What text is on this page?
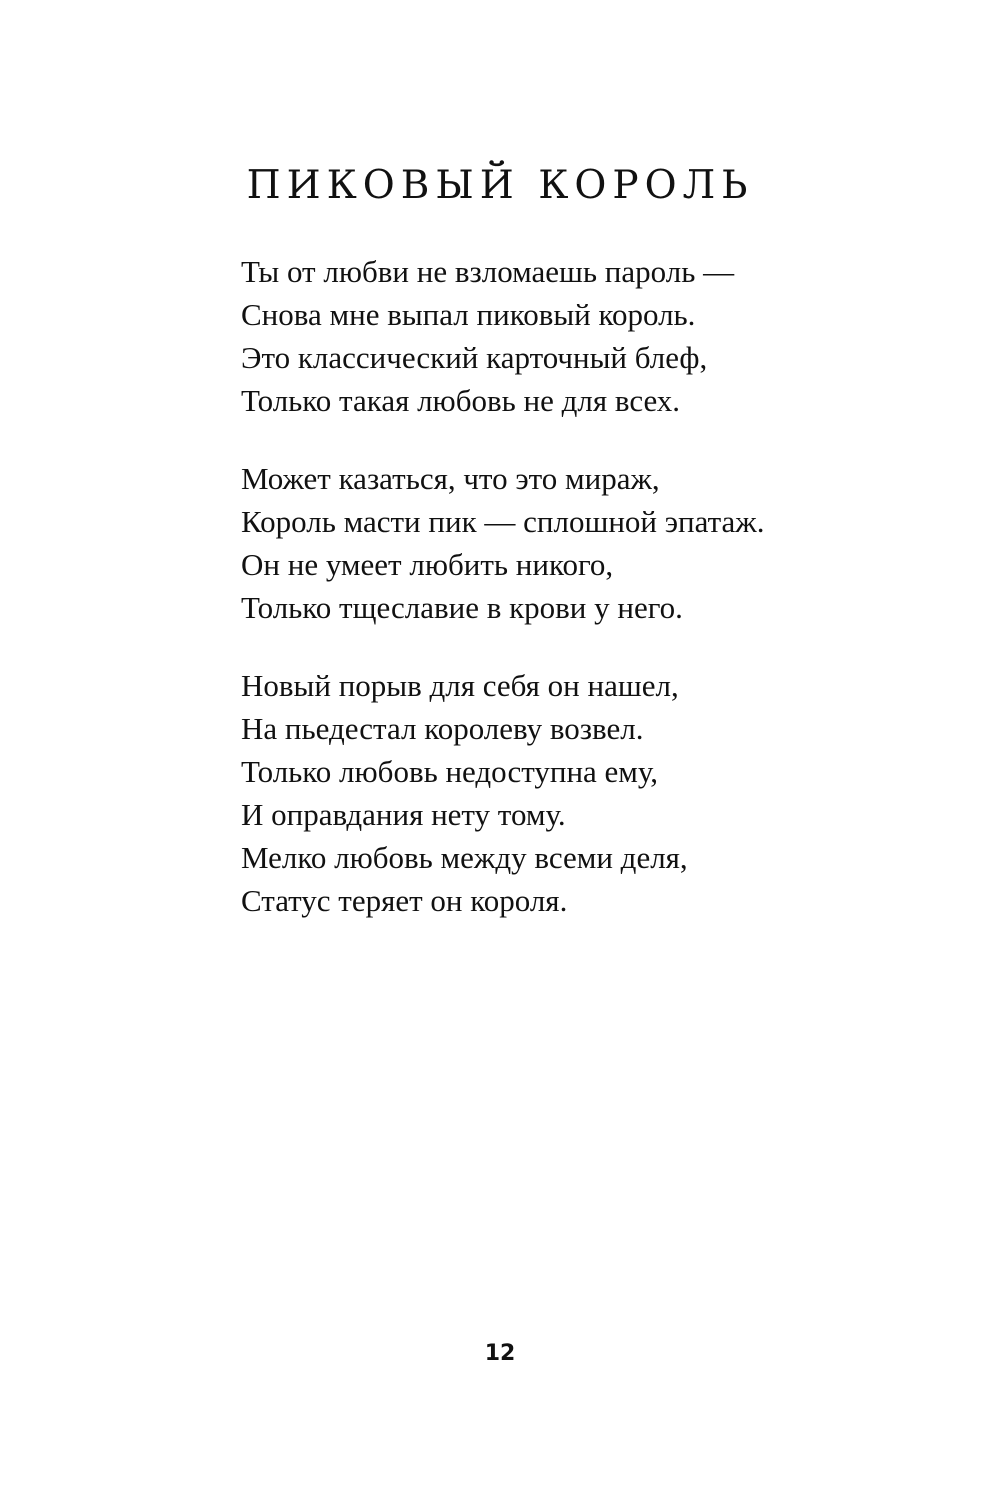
ПИКОВЫЙ КОРОЛЬ
Ты от любви не взломаешь пароль —
Снова мне выпал пиковый король.
Это классический карточный блеф,
Только такая любовь не для всех.
Может казаться, что это мираж,
Король масти пик — сплошной эпатаж.
Он не умеет любить никого,
Только тщеславие в крови у него.
Новый порыв для себя он нашел,
На пьедестал королеву возвел.
Только любовь недоступна ему,
И оправдания нету тому.
Мелко любовь между всеми деля,
Статус теряет он короля.
12
